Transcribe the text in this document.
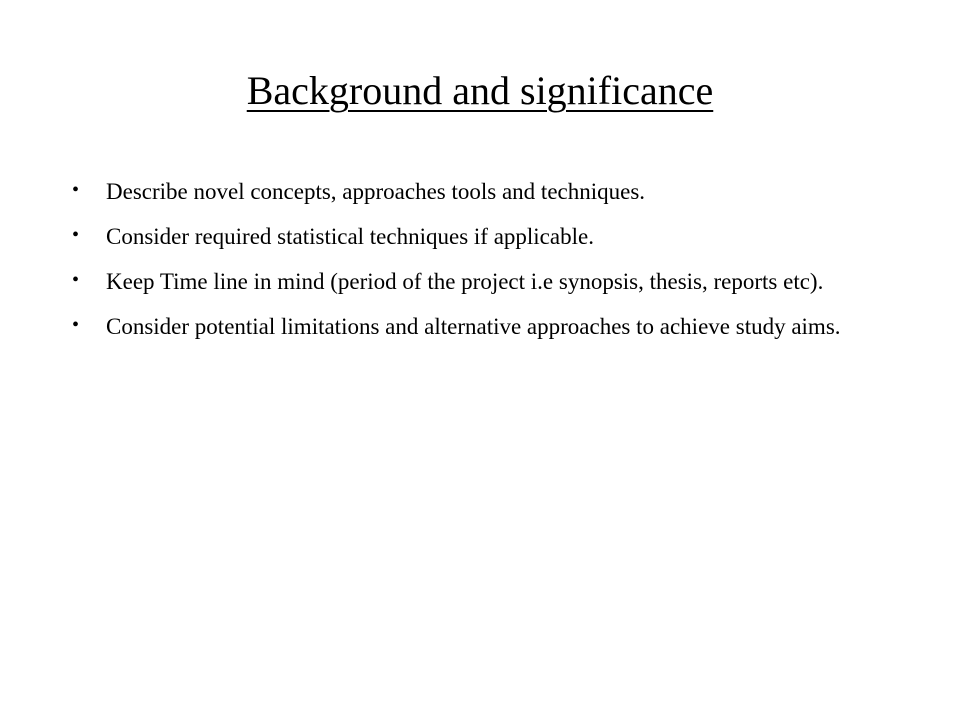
Background and significance
•	Describe novel concepts, approaches tools and techniques.
•	Consider required statistical techniques if applicable.
•	Keep Time line in mind (period of the project i.e synopsis, thesis, reports etc).
•	Consider potential limitations and alternative approaches to achieve study aims.
